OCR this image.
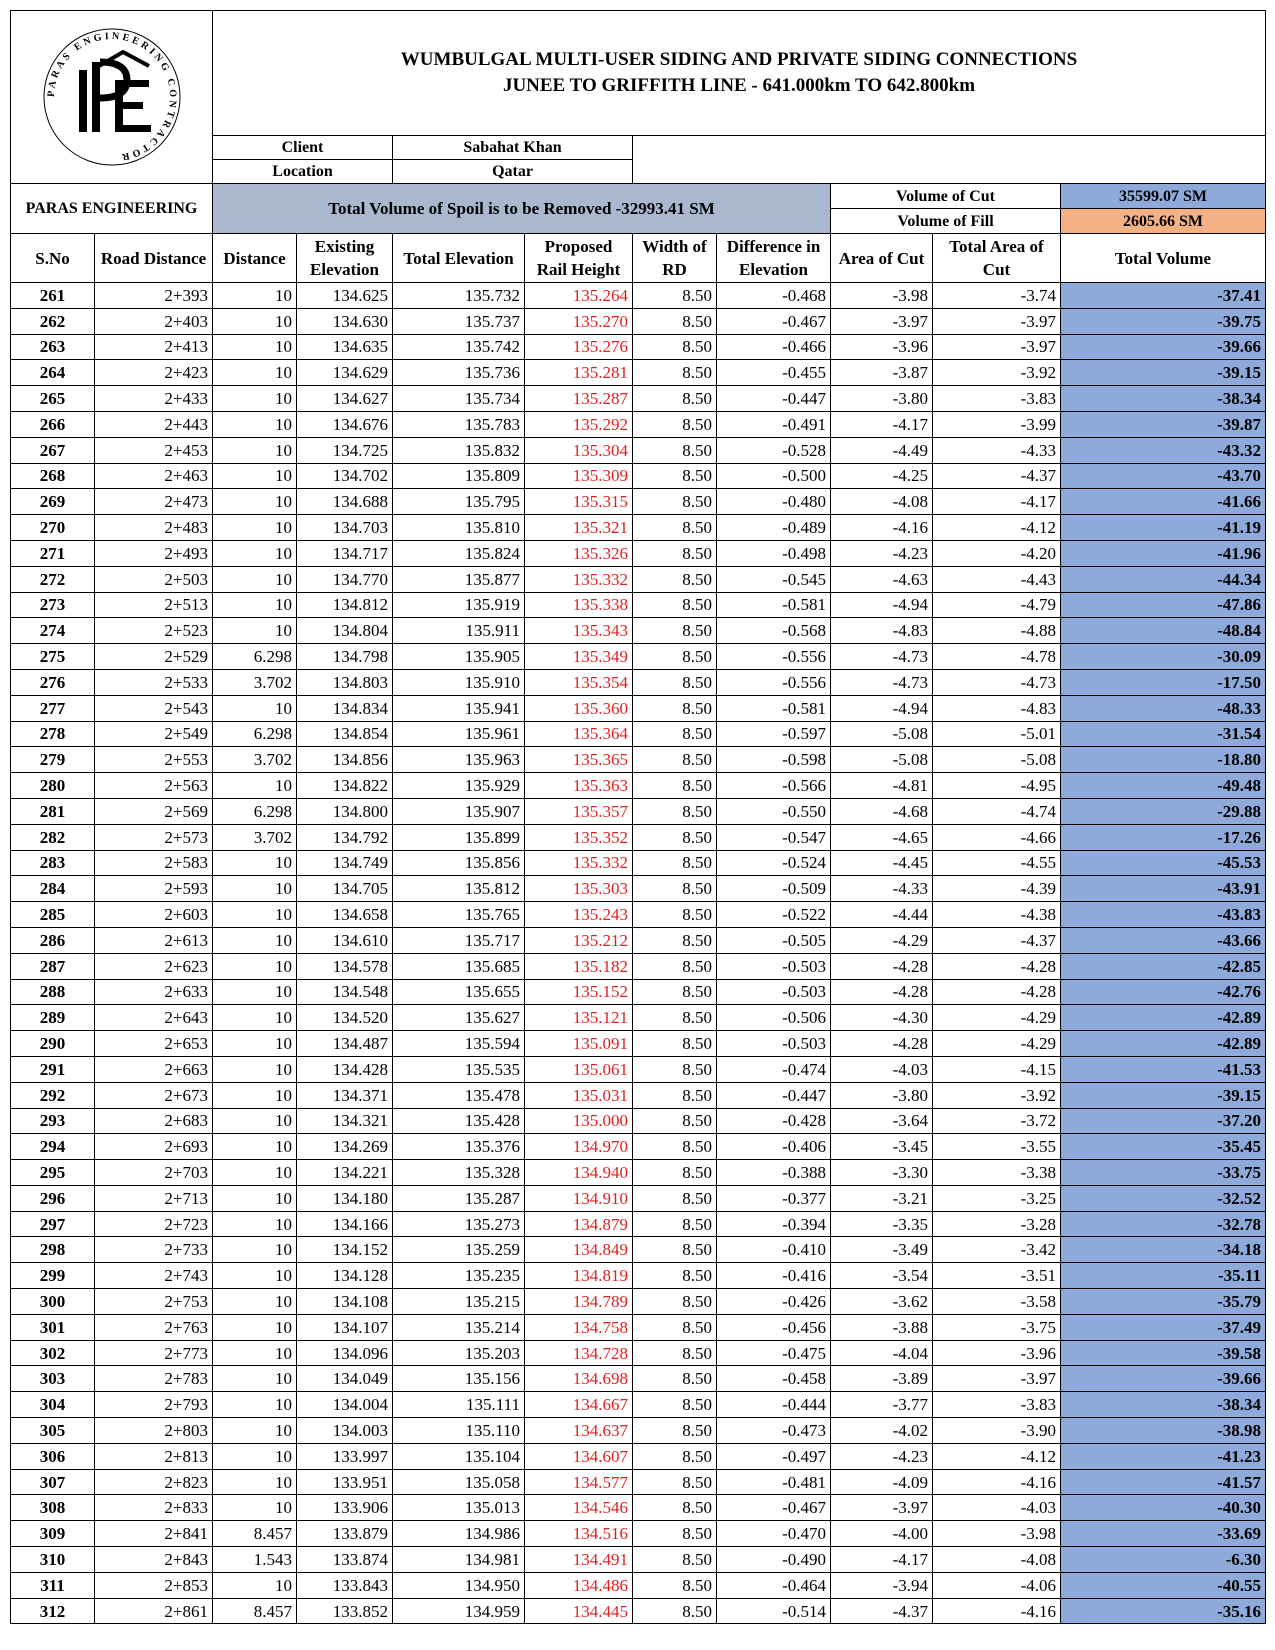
PARAS ENGINEERING CONTRACTOR		WUMBULGAL MULTI-USER SIDING AND PRIVATE SIDING CONNECTIONS
JUNEE TO GRIFFITH LINE - 641.000km TO 642.800km								

		Client		Sabahat Khan						
		Location		Qatar						
PARAS ENGINEERING		Total Volume of Spoil is to be Removed -32993.41 SM						Volume of Cut		35599.07 SM
								Volume of Fill		2605.66 SM
S.No	Road Distance	Distance	Existing Elevation	Total Elevation	Proposed Rail Height	Width of RD	Difference in Elevation	Area of Cut	Total Area of Cut	Total Volume
261	2+393	10	134.625	135.732	135.264	8.50	-0.468	-3.98	-3.74	-37.41
262	2+403	10	134.630	135.737	135.270	8.50	-0.467	-3.97	-3.97	-39.75
263	2+413	10	134.635	135.742	135.276	8.50	-0.466	-3.96	-3.97	-39.66
264	2+423	10	134.629	135.736	135.281	8.50	-0.455	-3.87	-3.92	-39.15
265	2+433	10	134.627	135.734	135.287	8.50	-0.447	-3.80	-3.83	-38.34
266	2+443	10	134.676	135.783	135.292	8.50	-0.491	-4.17	-3.99	-39.87
267	2+453	10	134.725	135.832	135.304	8.50	-0.528	-4.49	-4.33	-43.32
268	2+463	10	134.702	135.809	135.309	8.50	-0.500	-4.25	-4.37	-43.70
269	2+473	10	134.688	135.795	135.315	8.50	-0.480	-4.08	-4.17	-41.66
270	2+483	10	134.703	135.810	135.321	8.50	-0.489	-4.16	-4.12	-41.19
271	2+493	10	134.717	135.824	135.326	8.50	-0.498	-4.23	-4.20	-41.96
272	2+503	10	134.770	135.877	135.332	8.50	-0.545	-4.63	-4.43	-44.34
273	2+513	10	134.812	135.919	135.338	8.50	-0.581	-4.94	-4.79	-47.86
274	2+523	10	134.804	135.911	135.343	8.50	-0.568	-4.83	-4.88	-48.84
275	2+529	6.298	134.798	135.905	135.349	8.50	-0.556	-4.73	-4.78	-30.09
276	2+533	3.702	134.803	135.910	135.354	8.50	-0.556	-4.73	-4.73	-17.50
277	2+543	10	134.834	135.941	135.360	8.50	-0.581	-4.94	-4.83	-48.33
278	2+549	6.298	134.854	135.961	135.364	8.50	-0.597	-5.08	-5.01	-31.54
279	2+553	3.702	134.856	135.963	135.365	8.50	-0.598	-5.08	-5.08	-18.80
280	2+563	10	134.822	135.929	135.363	8.50	-0.566	-4.81	-4.95	-49.48
281	2+569	6.298	134.800	135.907	135.357	8.50	-0.550	-4.68	-4.74	-29.88
282	2+573	3.702	134.792	135.899	135.352	8.50	-0.547	-4.65	-4.66	-17.26
283	2+583	10	134.749	135.856	135.332	8.50	-0.524	-4.45	-4.55	-45.53
284	2+593	10	134.705	135.812	135.303	8.50	-0.509	-4.33	-4.39	-43.91
285	2+603	10	134.658	135.765	135.243	8.50	-0.522	-4.44	-4.38	-43.83
286	2+613	10	134.610	135.717	135.212	8.50	-0.505	-4.29	-4.37	-43.66
287	2+623	10	134.578	135.685	135.182	8.50	-0.503	-4.28	-4.28	-42.85
288	2+633	10	134.548	135.655	135.152	8.50	-0.503	-4.28	-4.28	-42.76
289	2+643	10	134.520	135.627	135.121	8.50	-0.506	-4.30	-4.29	-42.89
290	2+653	10	134.487	135.594	135.091	8.50	-0.503	-4.28	-4.29	-42.89
291	2+663	10	134.428	135.535	135.061	8.50	-0.474	-4.03	-4.15	-41.53
292	2+673	10	134.371	135.478	135.031	8.50	-0.447	-3.80	-3.92	-39.15
293	2+683	10	134.321	135.428	135.000	8.50	-0.428	-3.64	-3.72	-37.20
294	2+693	10	134.269	135.376	134.970	8.50	-0.406	-3.45	-3.55	-35.45
295	2+703	10	134.221	135.328	134.940	8.50	-0.388	-3.30	-3.38	-33.75
296	2+713	10	134.180	135.287	134.910	8.50	-0.377	-3.21	-3.25	-32.52
297	2+723	10	134.166	135.273	134.879	8.50	-0.394	-3.35	-3.28	-32.78
298	2+733	10	134.152	135.259	134.849	8.50	-0.410	-3.49	-3.42	-34.18
299	2+743	10	134.128	135.235	134.819	8.50	-0.416	-3.54	-3.51	-35.11
300	2+753	10	134.108	135.215	134.789	8.50	-0.426	-3.62	-3.58	-35.79
301	2+763	10	134.107	135.214	134.758	8.50	-0.456	-3.88	-3.75	-37.49
302	2+773	10	134.096	135.203	134.728	8.50	-0.475	-4.04	-3.96	-39.58
303	2+783	10	134.049	135.156	134.698	8.50	-0.458	-3.89	-3.97	-39.66
304	2+793	10	134.004	135.111	134.667	8.50	-0.444	-3.77	-3.83	-38.34
305	2+803	10	134.003	135.110	134.637	8.50	-0.473	-4.02	-3.90	-38.98
306	2+813	10	133.997	135.104	134.607	8.50	-0.497	-4.23	-4.12	-41.23
307	2+823	10	133.951	135.058	134.577	8.50	-0.481	-4.09	-4.16	-41.57
308	2+833	10	133.906	135.013	134.546	8.50	-0.467	-3.97	-4.03	-40.30
309	2+841	8.457	133.879	134.986	134.516	8.50	-0.470	-4.00	-3.98	-33.69
310	2+843	1.543	133.874	134.981	134.491	8.50	-0.490	-4.17	-4.08	-6.30
311	2+853	10	133.843	134.950	134.486	8.50	-0.464	-3.94	-4.06	-40.55
312	2+861	8.457	133.852	134.959	134.445	8.50	-0.514	-4.37	-4.16	-35.16
